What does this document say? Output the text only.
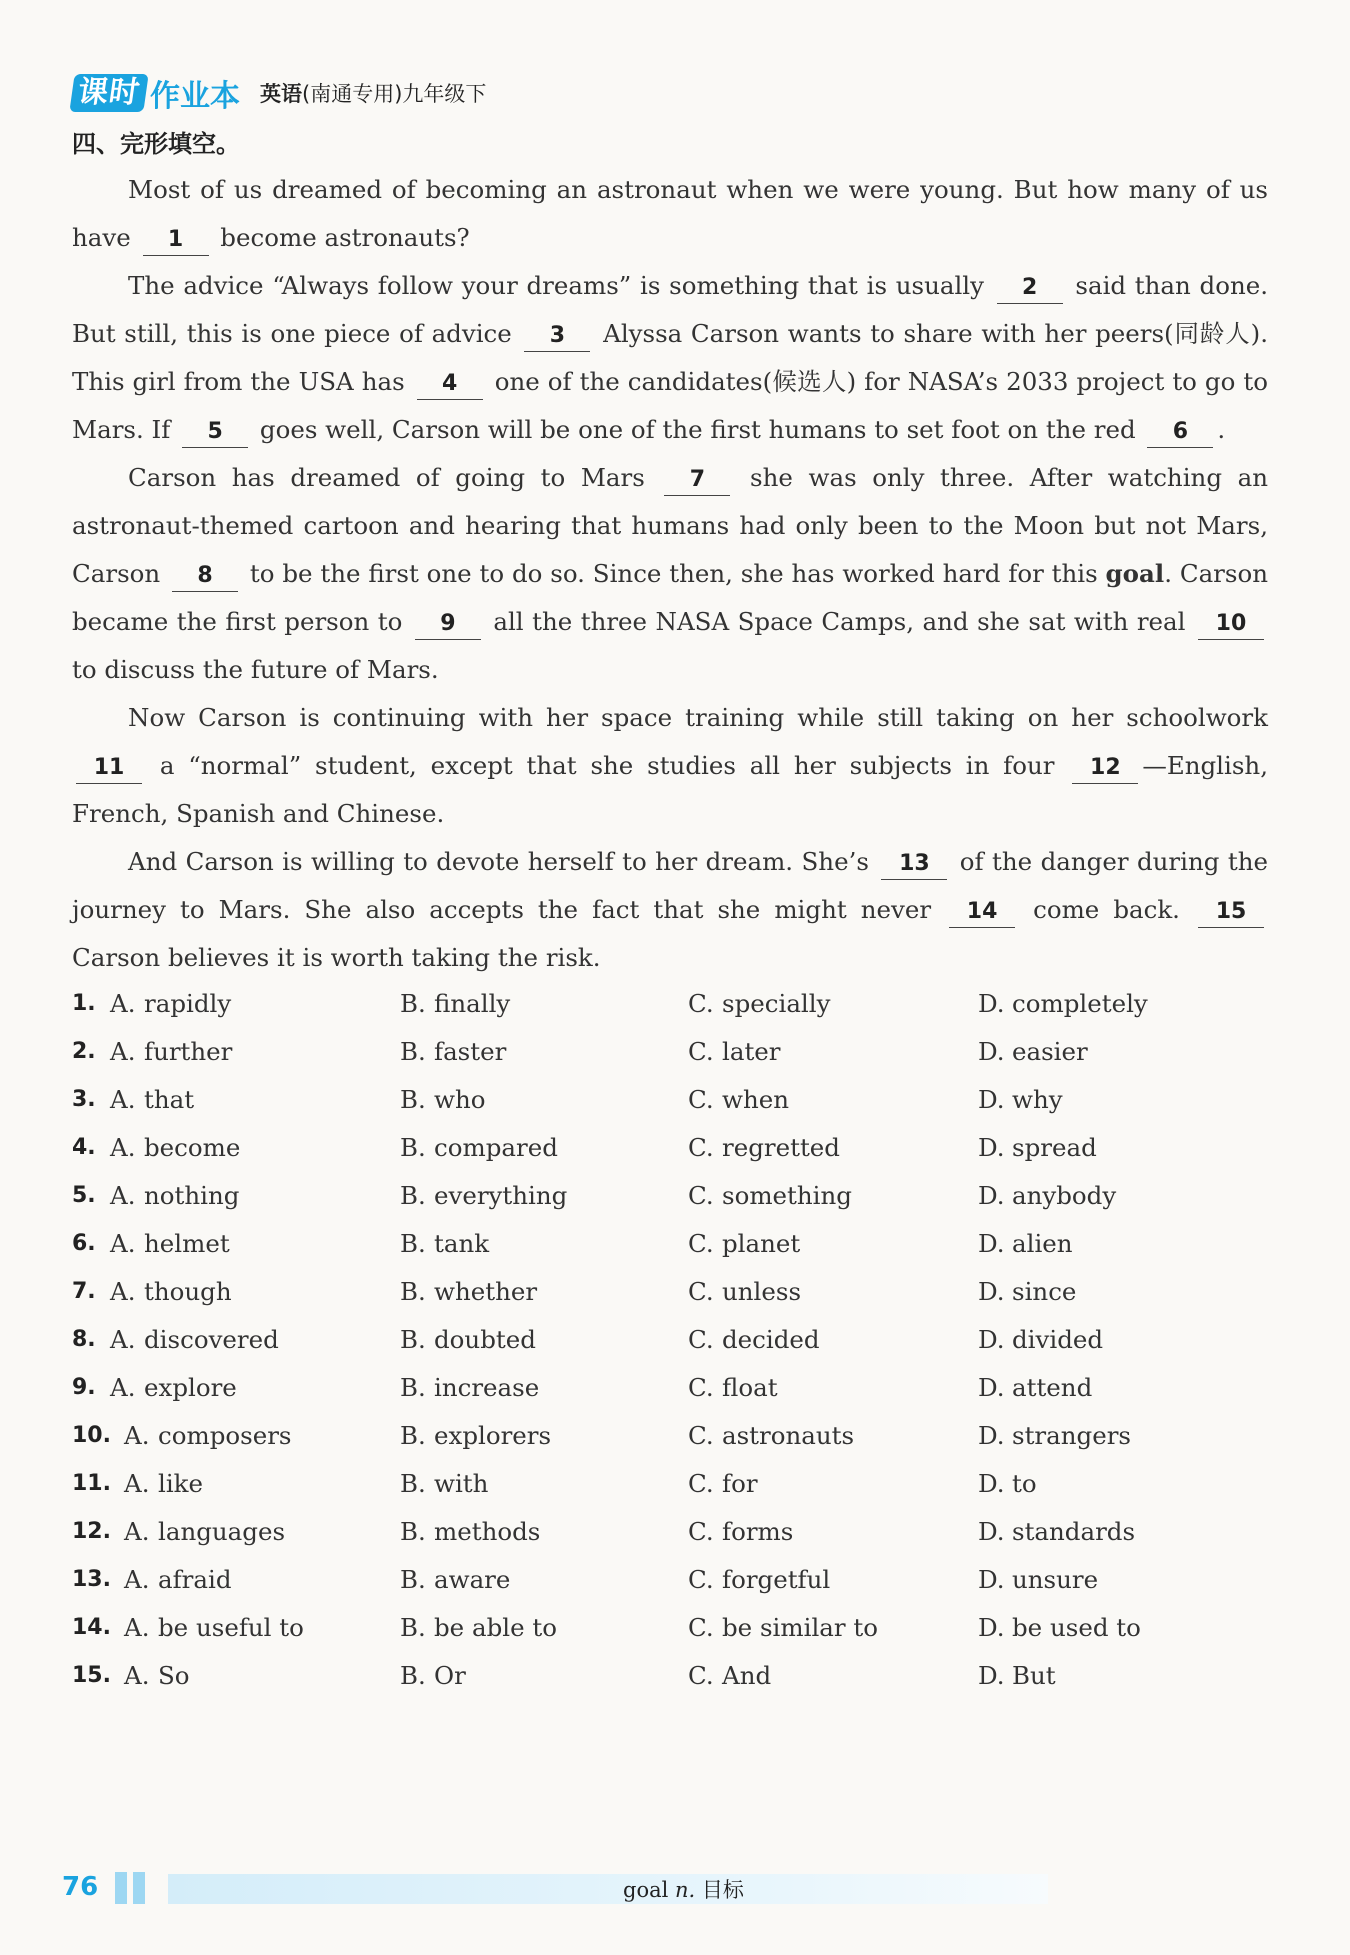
课时 作业本 英语(南通专用)九年级下
四、完形填空。

Most of us dreamed of becoming an astronaut when we were young. But how many of us have 1 become astronauts?

The advice “Always follow your dreams” is something that is usually 2 said than done. But still, this is one piece of advice 3 Alyssa Carson wants to share with her peers(同龄人). This girl from the USA has 4 one of the candidates(候选人) for NASA’s 2033 project to go to Mars. If 5 goes well, Carson will be one of the first humans to set foot on the red 6 .

Carson has dreamed of going to Mars 7 she was only three. After watching an astronaut-themed cartoon and hearing that humans had only been to the Moon but not Mars, Carson 8 to be the first one to do so. Since then, she has worked hard for this goal. Carson became the first person to 9 all the three NASA Space Camps, and she sat with real 10 to discuss the future of Mars.

Now Carson is continuing with her space training while still taking on her schoolwork 11 a “normal” student, except that she studies all her subjects in four 12 —English, French, Spanish and Chinese.

And Carson is willing to devote herself to her dream. She’s 13 of the danger during the journey to Mars. She also accepts the fact that she might never 14 come back. 15 Carson believes it is worth taking the risk.

1. A. rapidly	B. finally	C. specially	D. completely
2. A. further	B. faster	C. later	D. easier
3. A. that	B. who	C. when	D. why
4. A. become	B. compared	C. regretted	D. spread
5. A. nothing	B. everything	C. something	D. anybody
6. A. helmet	B. tank	C. planet	D. alien
7. A. though	B. whether	C. unless	D. since
8. A. discovered	B. doubted	C. decided	D. divided
9. A. explore	B. increase	C. float	D. attend
10. A. composers	B. explorers	C. astronauts	D. strangers
11. A. like	B. with	C. for	D. to
12. A. languages	B. methods	C. forms	D. standards
13. A. afraid	B. aware	C. forgetful	D. unsure
14. A. be useful to	B. be able to	C. be similar to	D. be used to
15. A. So	B. Or	C. And	D. But
76	goal n. 目标
